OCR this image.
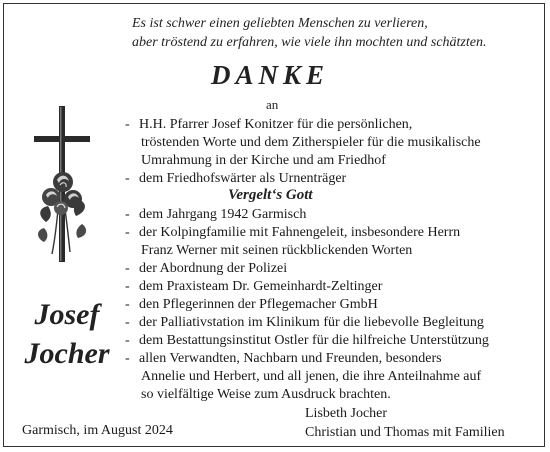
Es ist schwer einen geliebten Menschen zu verlieren,
aber tröstend zu erfahren, wie viele ihn mochten und schätzten.
DANKE
an
- H.H. Pfarrer Josef Konitzer für die persönlichen,
tröstenden Worte und dem Zitherspieler für die musikalische
Umrahmung in der Kirche und am Friedhof
- dem Friedhofswärter als Urnenträger
- dem Jahrgang 1942 Garmisch
- der Kolpingfamilie mit Fahnengeleit, insbesondere Herrn
Franz Werner mit seinen rückblickenden Worten
- der Abordnung der Polizei
- dem Praxisteam Dr. Gemeinhardt-Zeltinger
- den Pflegerinnen der Pflegemacher GmbH
- der Palliativstation im Klinikum für die liebevolle Begleitung
- dem Bestattungsinstitut Ostler für die hilfreiche Unterstützung
- allen Verwandten, Nachbarn und Freunden, besonders
Annelie und Herbert, und all jenen, die ihre Anteilnahme auf
so vielfältige Weise zum Ausdruck brachten.
Vergelt‘s Gott
Josef
Jocher
Garmisch, im August 2024
Lisbeth Jocher
Christian und Thomas mit Familien
